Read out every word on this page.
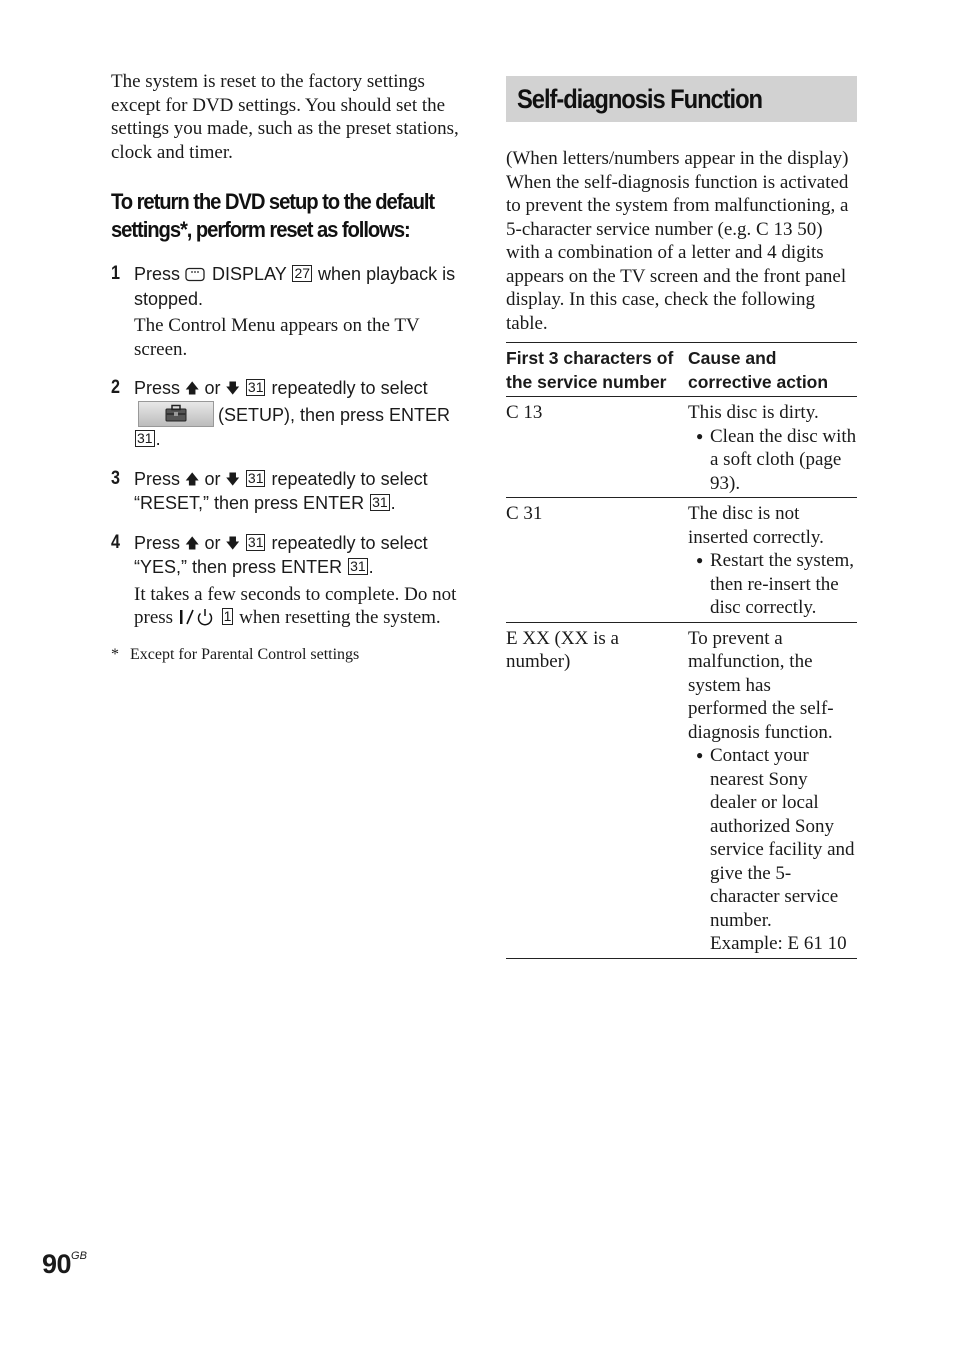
The system is reset to the factory settings except for DVD settings. You should set the settings you made, such as the preset stations, clock and timer.

To return the DVD setup to the default settings*, perform reset as follows:
1 Press DISPLAY 27 when playback is stopped.

The Control Menu appears on the TV screen.

2 Press 🡅 or 🡇 31 repeatedly to select
(SETUP), then press ENTER 31 .

3 Press 🡅 or 🡇 31 repeatedly to select “RESET,” then press ENTER 31 .

4 Press 🡅 or 🡇 31 repeatedly to select “YES,” then press ENTER 31 .

It takes a few seconds to complete. Do not press	1 when resetting the system.

* Except for Parental Control settings

Self-diagnosis Function

(When letters/numbers appear in the display)

When the self-diagnosis function is activated to prevent the system from malfunctioning, a 5-character service number (e.g. C 13 50) with a combination of a letter and 4 digits appears on the TV screen and the front panel display. In this case, check the following table.

First 3 characters of the service number	Cause and corrective action
C 13	This disc is dirty.
● Clean the disc with a soft cloth (page 93).

C 31	The disc is not inserted correctly.
● Restart the system, then re-insert the disc correctly.

E XX (XX is a number)	To prevent a malfunction, the system has performed the self-diagnosis function.
● Contact your nearest Sony dealer or local authorized Sony service facility and give the 5-character service number.
Example: E 61 10
$90^{GB}$
